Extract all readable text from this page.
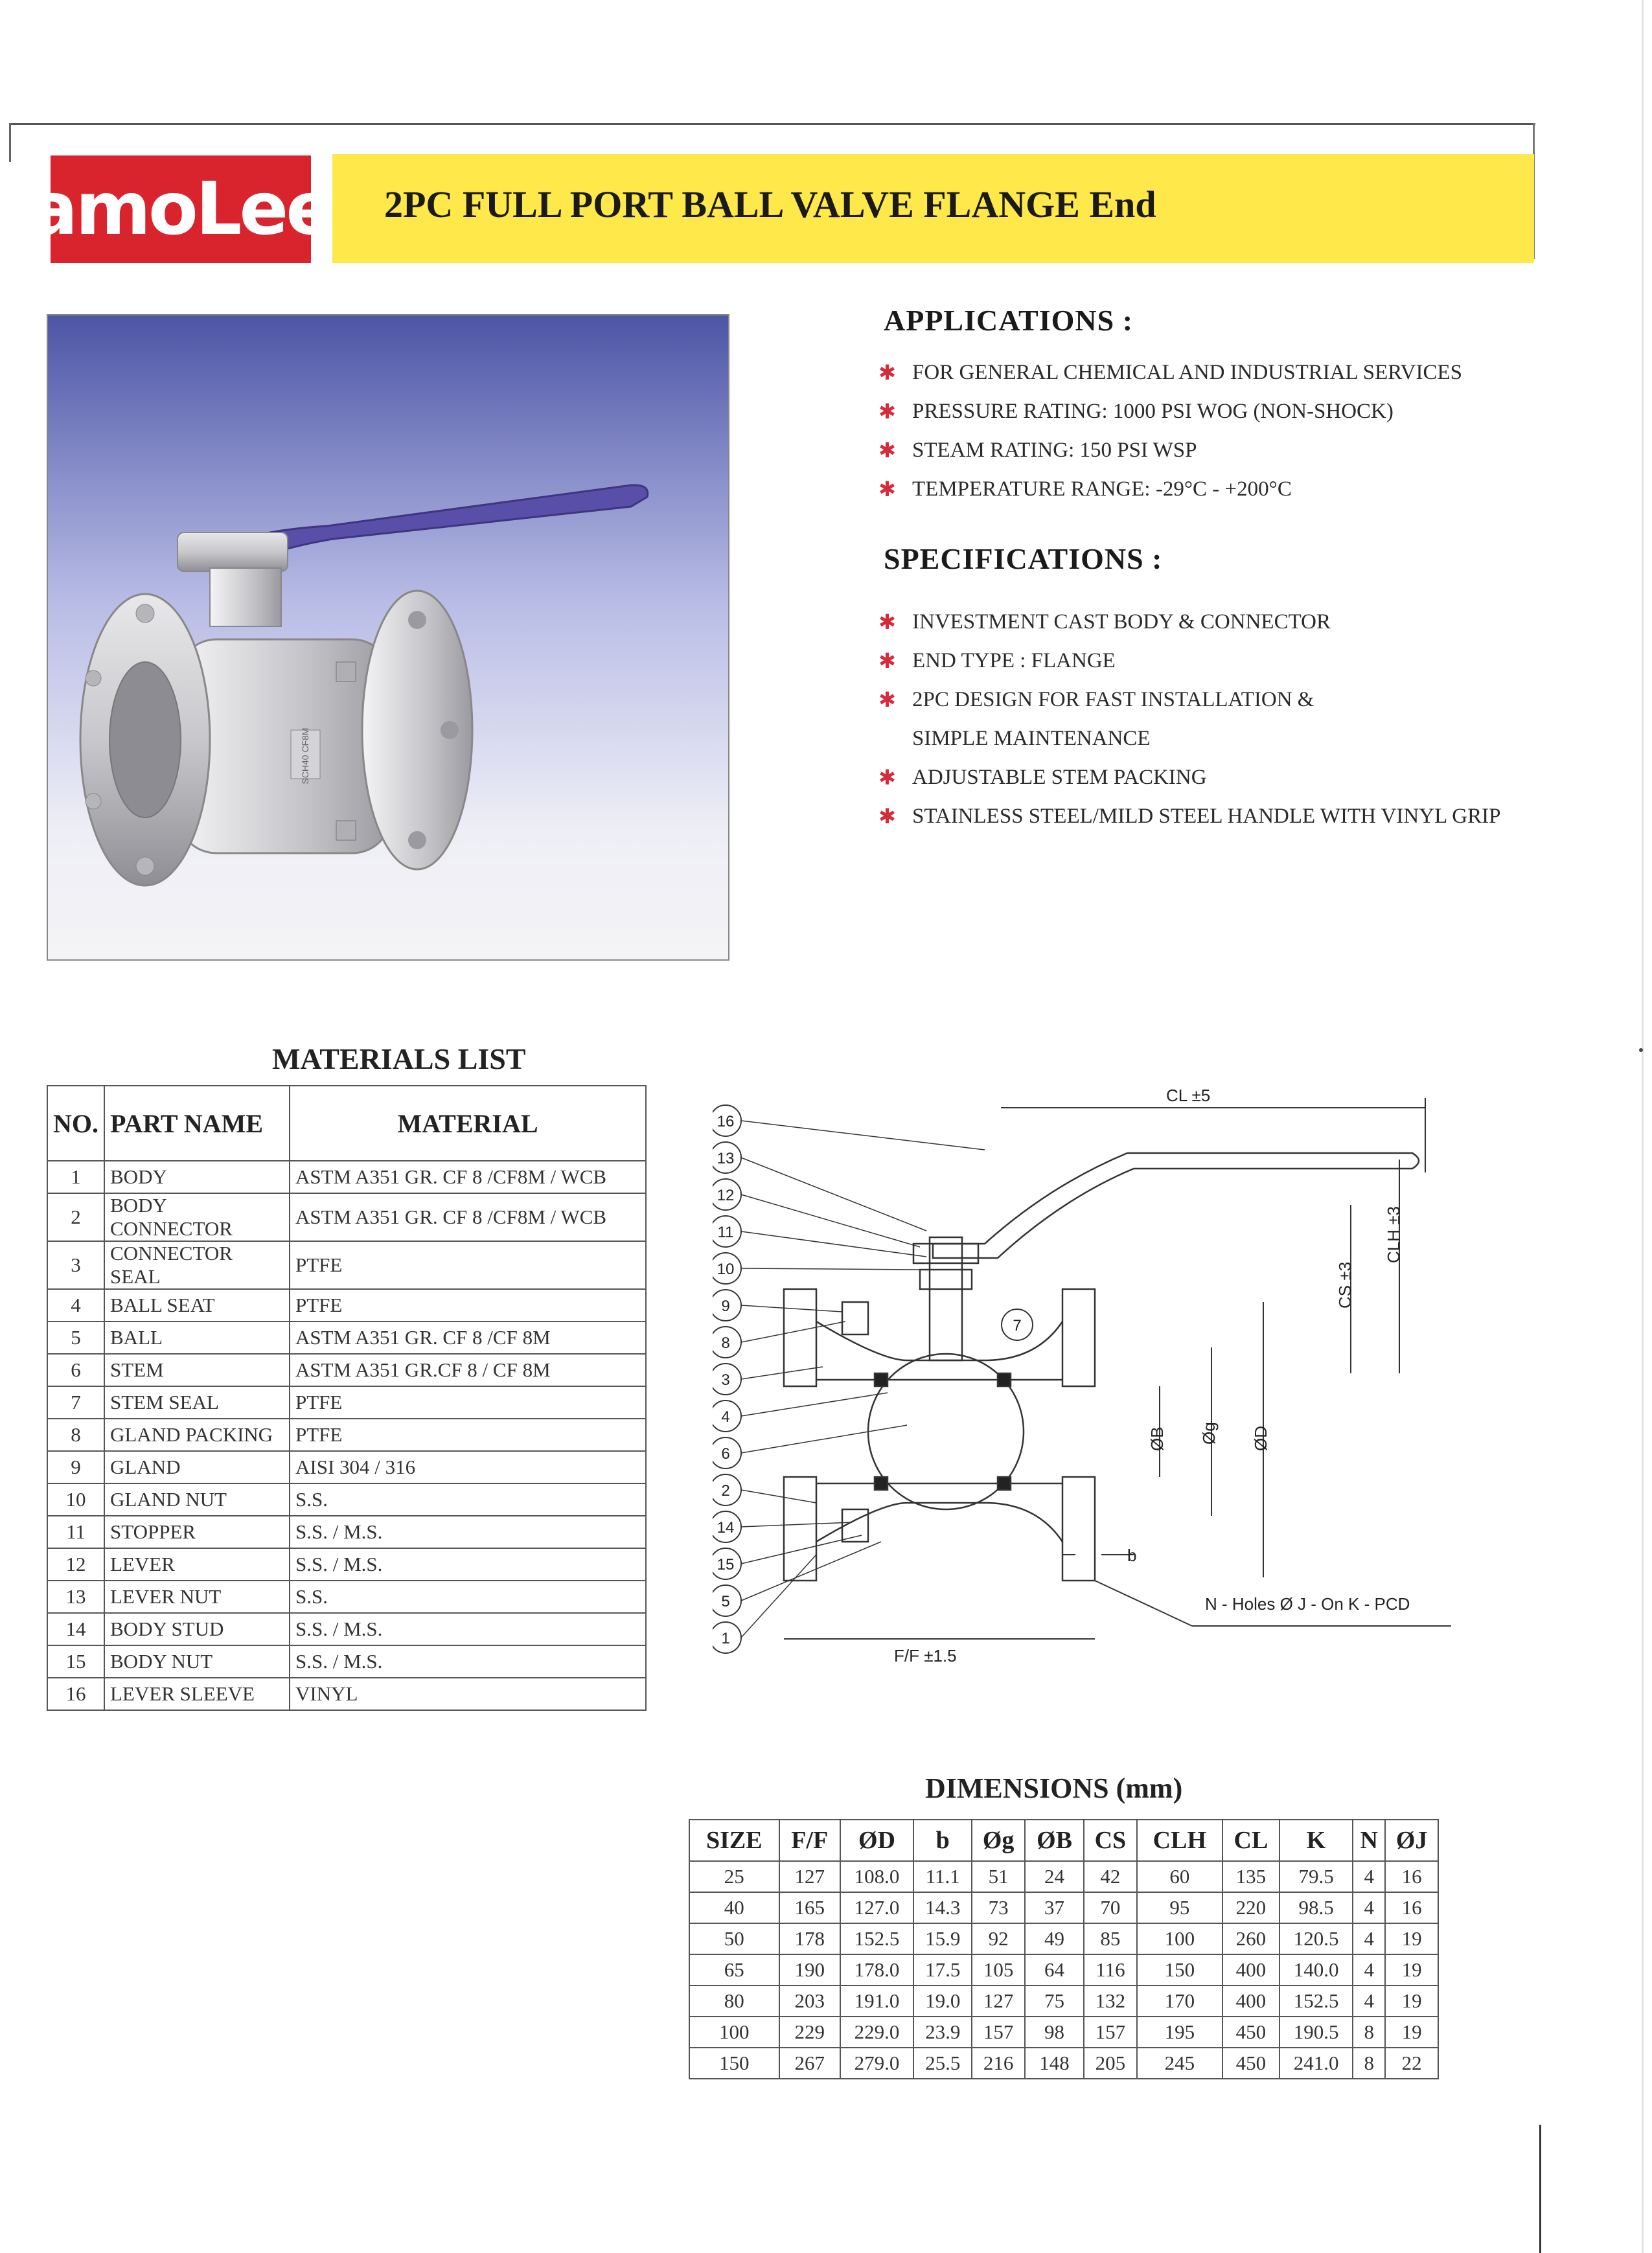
amoLee 2PC FULL PORT BALL VALVE FLANGE End
SCH40 CF8M
APPLICATIONS :
✱ FOR GENERAL CHEMICAL AND INDUSTRIAL SERVICES
✱ PRESSURE RATING: 1000 PSI WOG (NON-SHOCK)
✱ STEAM RATING: 150 PSI WSP
✱ TEMPERATURE RANGE: -29°C - +200°C
SPECIFICATIONS :
✱ INVESTMENT CAST BODY & CONNECTOR
✱ END TYPE : FLANGE
✱ 2PC DESIGN FOR FAST INSTALLATION &
SIMPLE MAINTENANCE
✱ ADJUSTABLE STEM PACKING
✱ STAINLESS STEEL/MILD STEEL HANDLE WITH VINYL GRIP
MATERIALS LIST
NO.	PART NAME	MATERIAL
1	BODY	ASTM A351 GR. CF 8 /CF8M / WCB
2	BODY CONNECTOR	ASTM A351 GR. CF 8 /CF8M / WCB
3	CONNECTOR SEAL	PTFE
4	BALL SEAT	PTFE
5	BALL	ASTM A351 GR. CF 8 /CF 8M
6	STEM	ASTM A351 GR.CF 8 / CF 8M
7	STEM SEAL	PTFE
8	GLAND PACKING	PTFE
9	GLAND	AISI 304 / 316
10	GLAND NUT	S.S.
11	STOPPER	S.S. / M.S.
12	LEVER	S.S. / M.S.
13	LEVER NUT	S.S.
14	BODY STUD	S.S. / M.S.
15	BODY NUT	S.S. / M.S.
16	LEVER SLEEVE	VINYL
CL ±5
CLH ±3
CS ±3
ØD
Øg
ØB
b
N - Holes Ø J - On K - PCD
F/F ±1.5
16
13
12
11
10
9
8
3
4
6
2
14
15
5
1
7
DIMENSIONS (mm)
SIZE	F/F	ØD	b	Øg	ØB	CS	CLH	CL	K	N	ØJ
25	127	108.0	11.1	51	24	42	60	135	79.5	4	16
40	165	127.0	14.3	73	37	70	95	220	98.5	4	16
50	178	152.5	15.9	92	49	85	100	260	120.5	4	19
65	190	178.0	17.5	105	64	116	150	400	140.0	4	19
80	203	191.0	19.0	127	75	132	170	400	152.5	4	19
100	229	229.0	23.9	157	98	157	195	450	190.5	8	19
150	267	279.0	25.5	216	148	205	245	450	241.0	8	22
